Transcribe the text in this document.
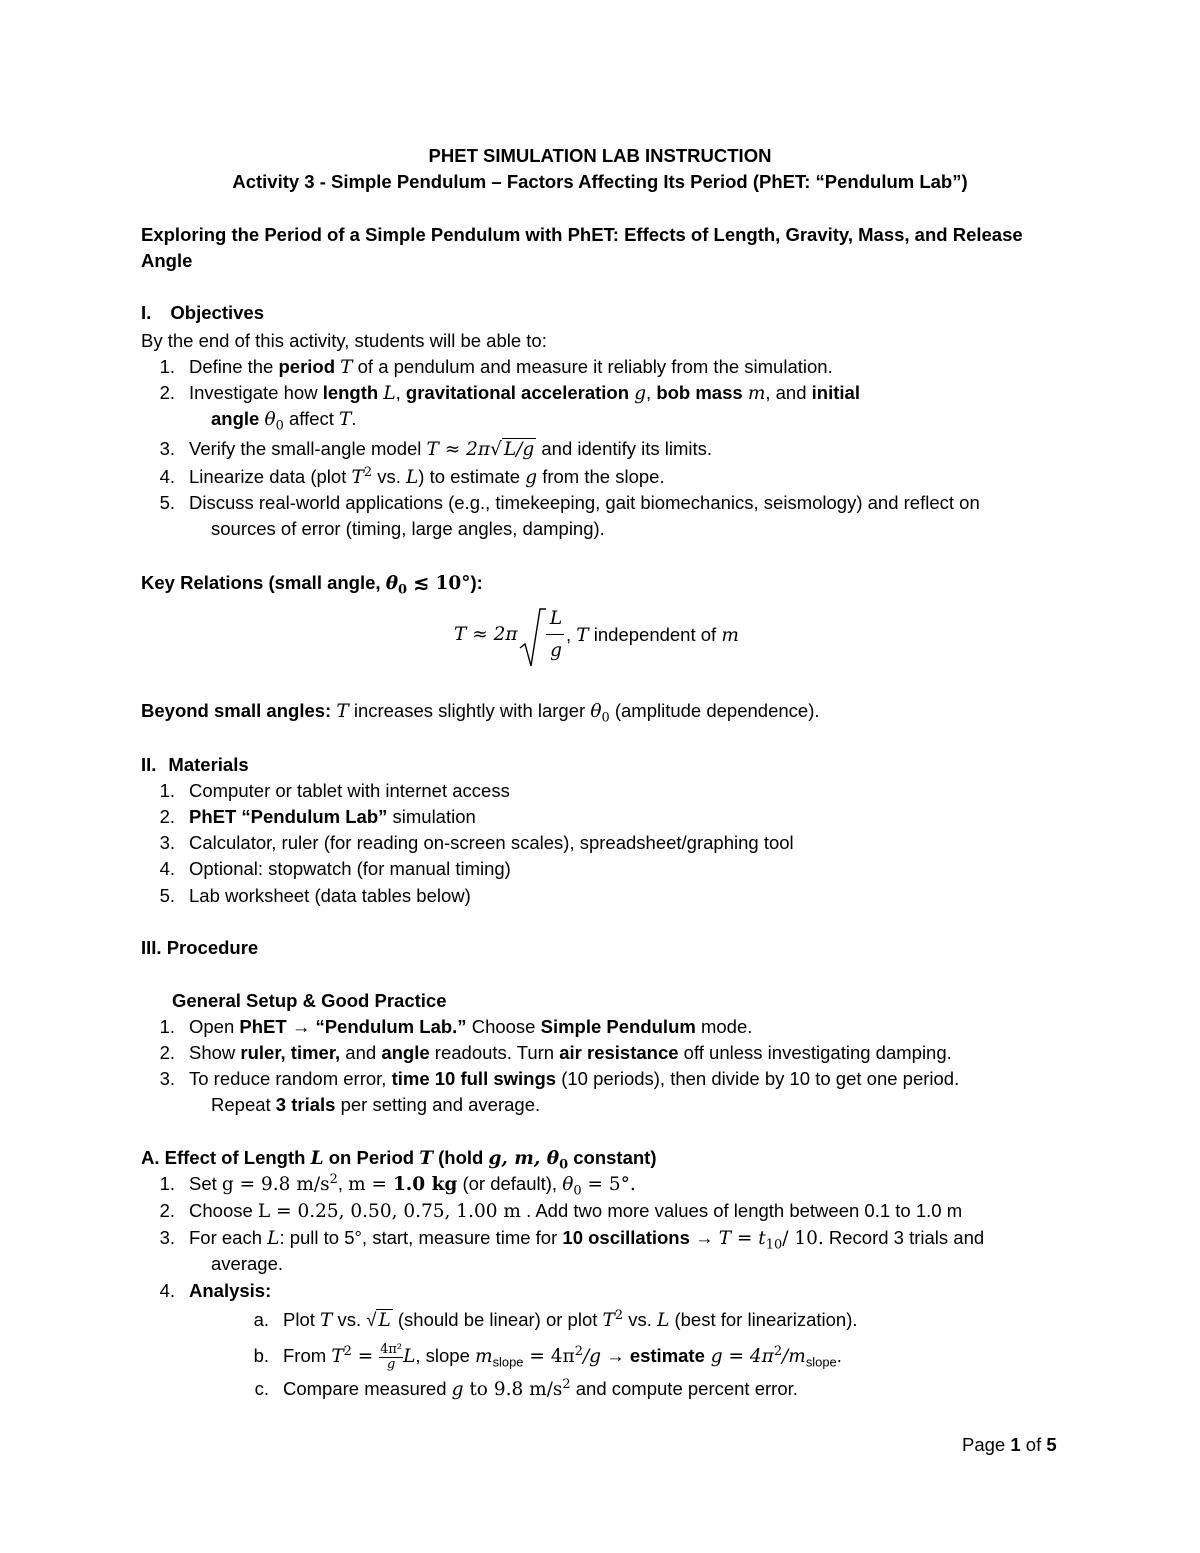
PHET SIMULATION LAB INSTRUCTION
Activity 3 - Simple Pendulum – Factors Affecting Its Period (PhET: “Pendulum Lab”)
Exploring the Period of a Simple Pendulum with PhET: Effects of Length, Gravity, Mass, and Release
Angle
I. Objectives
By the end of this activity, students will be able to:
1. Define the period T of a pendulum and measure it reliably from the simulation.
2. Investigate how length L, gravitational acceleration g, bob mass m, and initial
angle $\theta_0$ affect T.
3. Verify the small-angle model T ≈ 2π√ L/g and identify its limits.
4. Linearize data (plot $T^2$ vs. L) to estimate g from the slope.
5. Discuss real-world applications (e.g., timekeeping, gait biomechanics, seismology) and reflect on
sources of error (timing, large angles, damping).
Key Relations (small angle, $\theta_0$ ≲ 10°):
T ≈ 2π
L
g
, T independent of m
Beyond small angles: T increases slightly with larger $\theta_0$ (amplitude dependence).
II. Materials
1. Computer or tablet with internet access
2. PhET “Pendulum Lab” simulation
3. Calculator, ruler (for reading on-screen scales), spreadsheet/graphing tool
4. Optional: stopwatch (for manual timing)
5. Lab worksheet (data tables below)
III. Procedure
General Setup & Good Practice
1. Open PhET → “Pendulum Lab.” Choose Simple Pendulum mode.
2. Show ruler, timer, and angle readouts. Turn air resistance off unless investigating damping.
3. To reduce random error, time 10 full swings (10 periods), then divide by 10 to get one period.
Repeat 3 trials per setting and average.
A. Effect of Length L on Period T (hold g, m, $\theta_0$ constant)
1. Set g = 9.8 $m/s^2$, m = 1.0 kg (or default), $\theta_0 = 5^\circ$.
2. Choose L = 0.25, 0.50, 0.75, 1.00 m . Add two more values of length between 0.1 to 1.0 m
3. For each L: pull to 5°, start, measure time for 10 oscillations → $T = t_{10}/$ 10. Record 3 trials and
average.
4. Analysis:
a. Plot T vs. √ L (should be linear) or plot $T^2$ vs. L (best for linearization).
b. From $T^2 = \frac{\text{4π²}}{g} L$, slope $m_{slope} = 4\pi^2/g$ → estimate $g = 4\pi^2/m_{slope}$.
c. Compare measured g to 9.8 $m/s^2$ and compute percent error.
Page 1 of 5
